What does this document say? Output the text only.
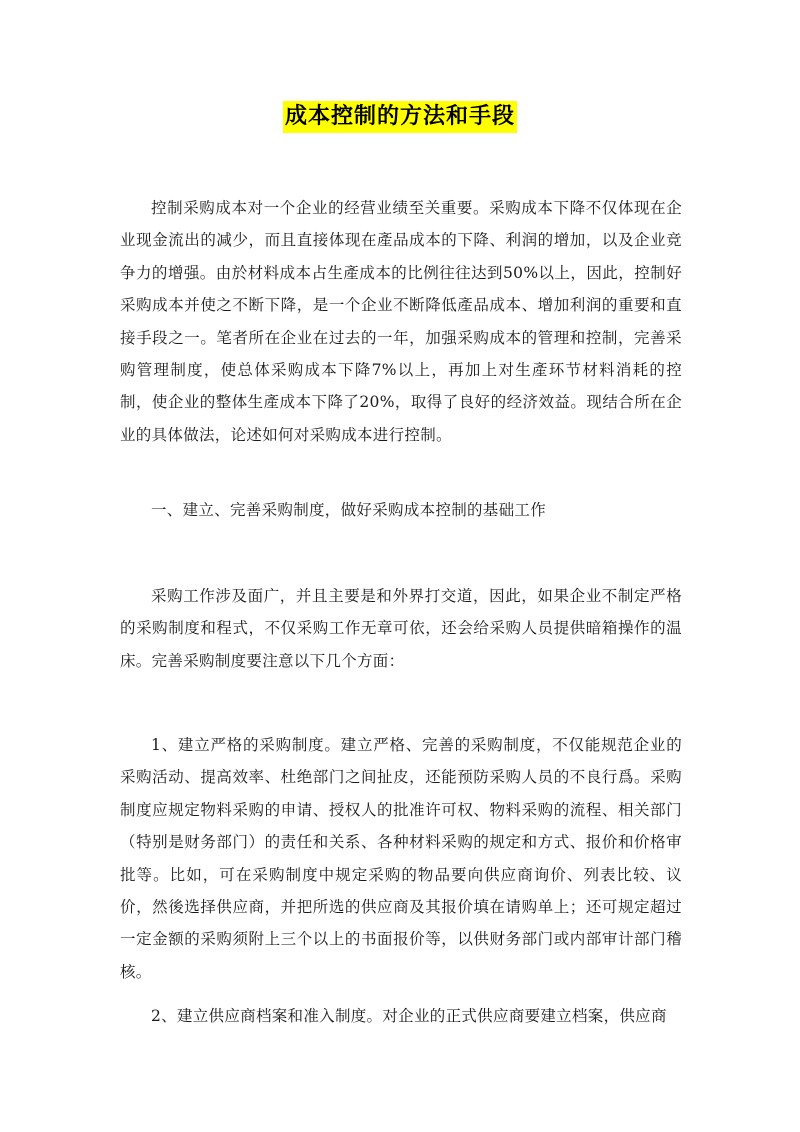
成本控制的方法和手段

控制采购成本对一个企业的经营业绩至关重要。采购成本下降不仅体现在企业现金流出的减少，而且直接体现在產品成本的下降、利润的增加，以及企业竞争力的增强。由於材料成本占生產成本的比例往往达到50%以上，因此，控制好采购成本并使之不断下降，是一个企业不断降低產品成本、增加利润的重要和直接手段之一。笔者所在企业在过去的一年，加强采购成本的管理和控制，完善采购管理制度，使总体采购成本下降7%以上，再加上对生產环节材料消耗的控制，使企业的整体生產成本下降了20%，取得了良好的经济效益。现结合所在企业的具体做法，论述如何对采购成本进行控制。

一、建立、完善采购制度，做好采购成本控制的基础工作

采购工作涉及面广，并且主要是和外界打交道，因此，如果企业不制定严格的采购制度和程式，不仅采购工作无章可依，还会给采购人员提供暗箱操作的温床。完善采购制度要注意以下几个方面：

1、建立严格的采购制度。建立严格、完善的采购制度，不仅能规范企业的采购活动、提高效率、杜绝部门之间扯皮，还能预防采购人员的不良行爲。采购制度应规定物料采购的申请、授权人的批准许可权、物料采购的流程、相关部门（特别是财务部门）的责任和关系、各种材料采购的规定和方式、报价和价格审批等。比如，可在采购制度中规定采购的物品要向供应商询价、列表比较、议价，然後选择供应商，并把所选的供应商及其报价填在请购单上；还可规定超过一定金额的采购须附上三个以上的书面报价等，以供财务部门或内部审计部门稽核。

2、建立供应商档案和准入制度。对企业的正式供应商要建立档案，供应商
